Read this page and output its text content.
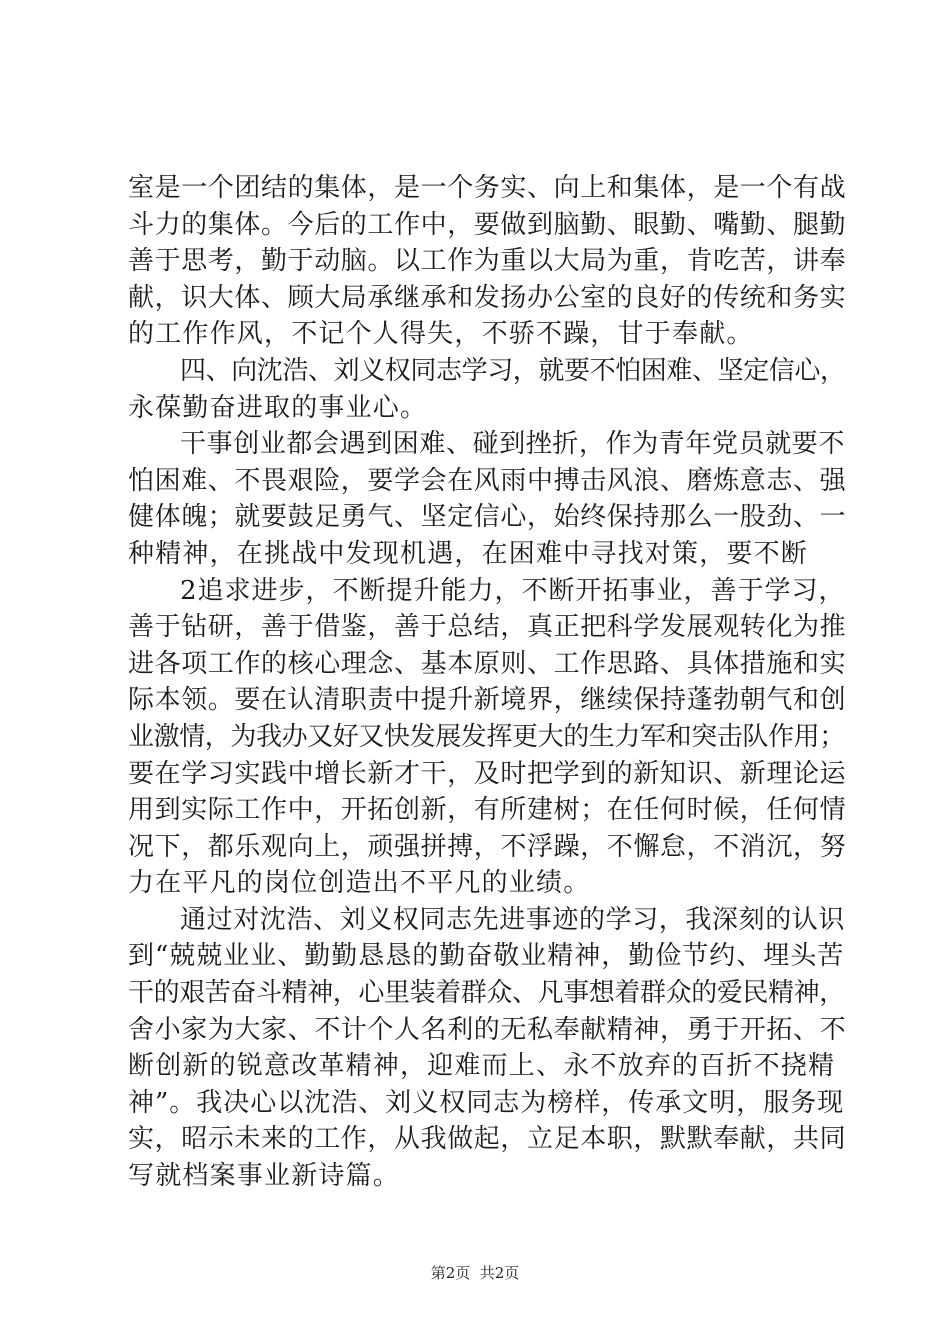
室是一个团结的集体，是一个务实、向上和集体，是一个有战
斗力的集体。今后的工作中，要做到脑勤、眼勤、嘴勤、腿勤
善于思考，勤于动脑。以工作为重以大局为重，肯吃苦，讲奉
献，识大体、顾大局承继承和发扬办公室的良好的传统和务实
的工作作风，不记个人得失，不骄不躁，甘于奉献。
四、向沈浩、刘义权同志学习，就要不怕困难、坚定信心，
永葆勤奋进取的事业心。
干事创业都会遇到困难、碰到挫折，作为青年党员就要不
怕困难、不畏艰险，要学会在风雨中搏击风浪、磨炼意志、强
健体魄；就要鼓足勇气、坚定信心，始终保持那么一股劲、一
种精神，在挑战中发现机遇，在困难中寻找对策，要不断
2追求进步，不断提升能力，不断开拓事业，善于学习，
善于钻研，善于借鉴，善于总结，真正把科学发展观转化为推
进各项工作的核心理念、基本原则、工作思路、具体措施和实
际本领。要在认清职责中提升新境界，继续保持蓬勃朝气和创
业激情，为我办又好又快发展发挥更大的生力军和突击队作用；
要在学习实践中增长新才干，及时把学到的新知识、新理论运
用到实际工作中，开拓创新，有所建树；在任何时候，任何情
况下，都乐观向上，顽强拼搏，不浮躁，不懈怠，不消沉，努
力在平凡的岗位创造出不平凡的业绩。
通过对沈浩、刘义权同志先进事迹的学习，我深刻的认识
到“兢兢业业、勤勤恳恳的勤奋敬业精神，勤俭节约、埋头苦
干的艰苦奋斗精神，心里装着群众、凡事想着群众的爱民精神，
舍小家为大家、不计个人名利的无私奉献精神，勇于开拓、不
断创新的锐意改革精神，迎难而上、永不放弃的百折不挠精
神”。我决心以沈浩、刘义权同志为榜样，传承文明，服务现
实，昭示未来的工作，从我做起，立足本职，默默奉献，共同
写就档案事业新诗篇。
第2页  共2页
